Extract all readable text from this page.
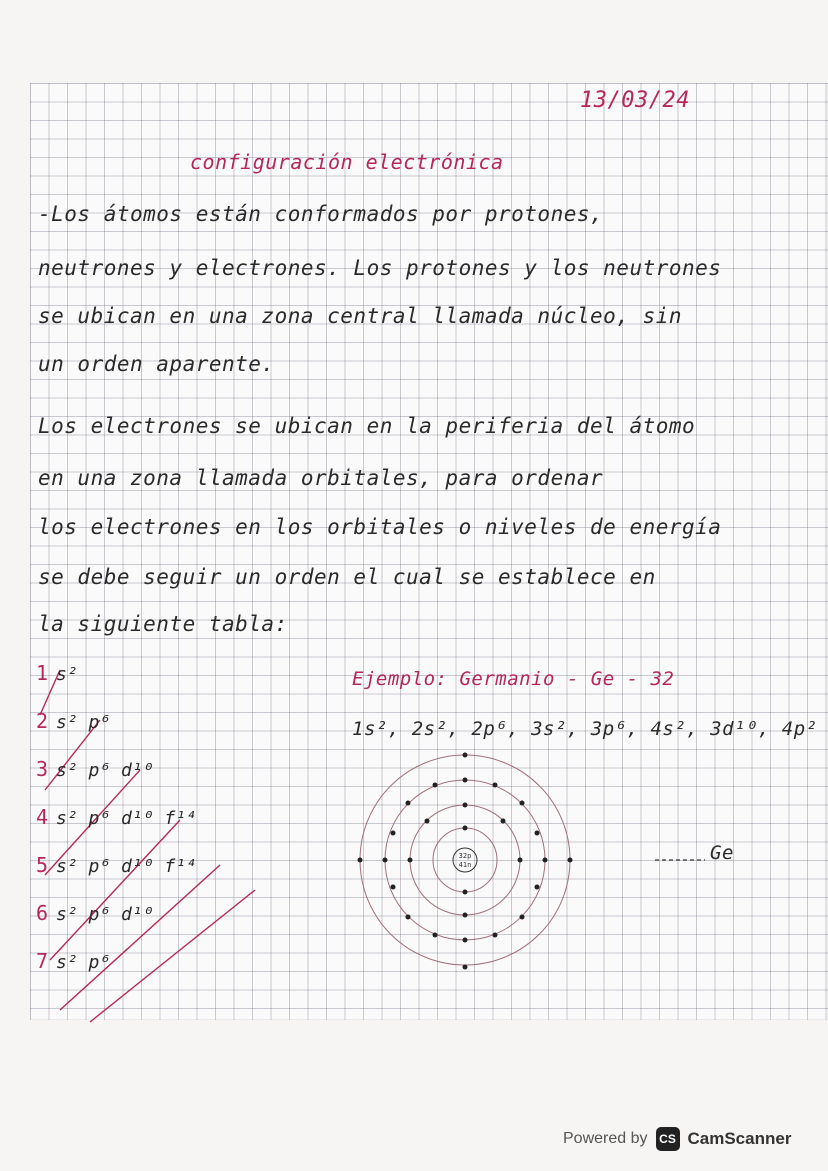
13/03/24

configuración electrónica

-Los átomos están conformados por protones,

neutrones y electrones. Los protones y los neutrones

se ubican en una zona central llamada núcleo, sin

un orden aparente.

Los electrones se ubican en la periferia del átomo

en una zona llamada orbitales, para ordenar

los electrones en los orbitales o niveles de energía

se debe seguir un orden el cual se establece en

la siguiente tabla:

1 s²
2 s² p⁶
3 s² p⁶ d¹⁰
4 s² p⁶ d¹⁰ f¹⁴
5 s² p⁶ d¹⁰ f¹⁴
6 s² p⁶ d¹⁰
7 s² p⁶

Ejemplo: Germanio - Ge - 32

1s², 2s², 2p⁶, 3s², 3p⁶, 4s², 3d¹⁰, 4p²

32p
41n

Ge

Powered by CS CamScanner
